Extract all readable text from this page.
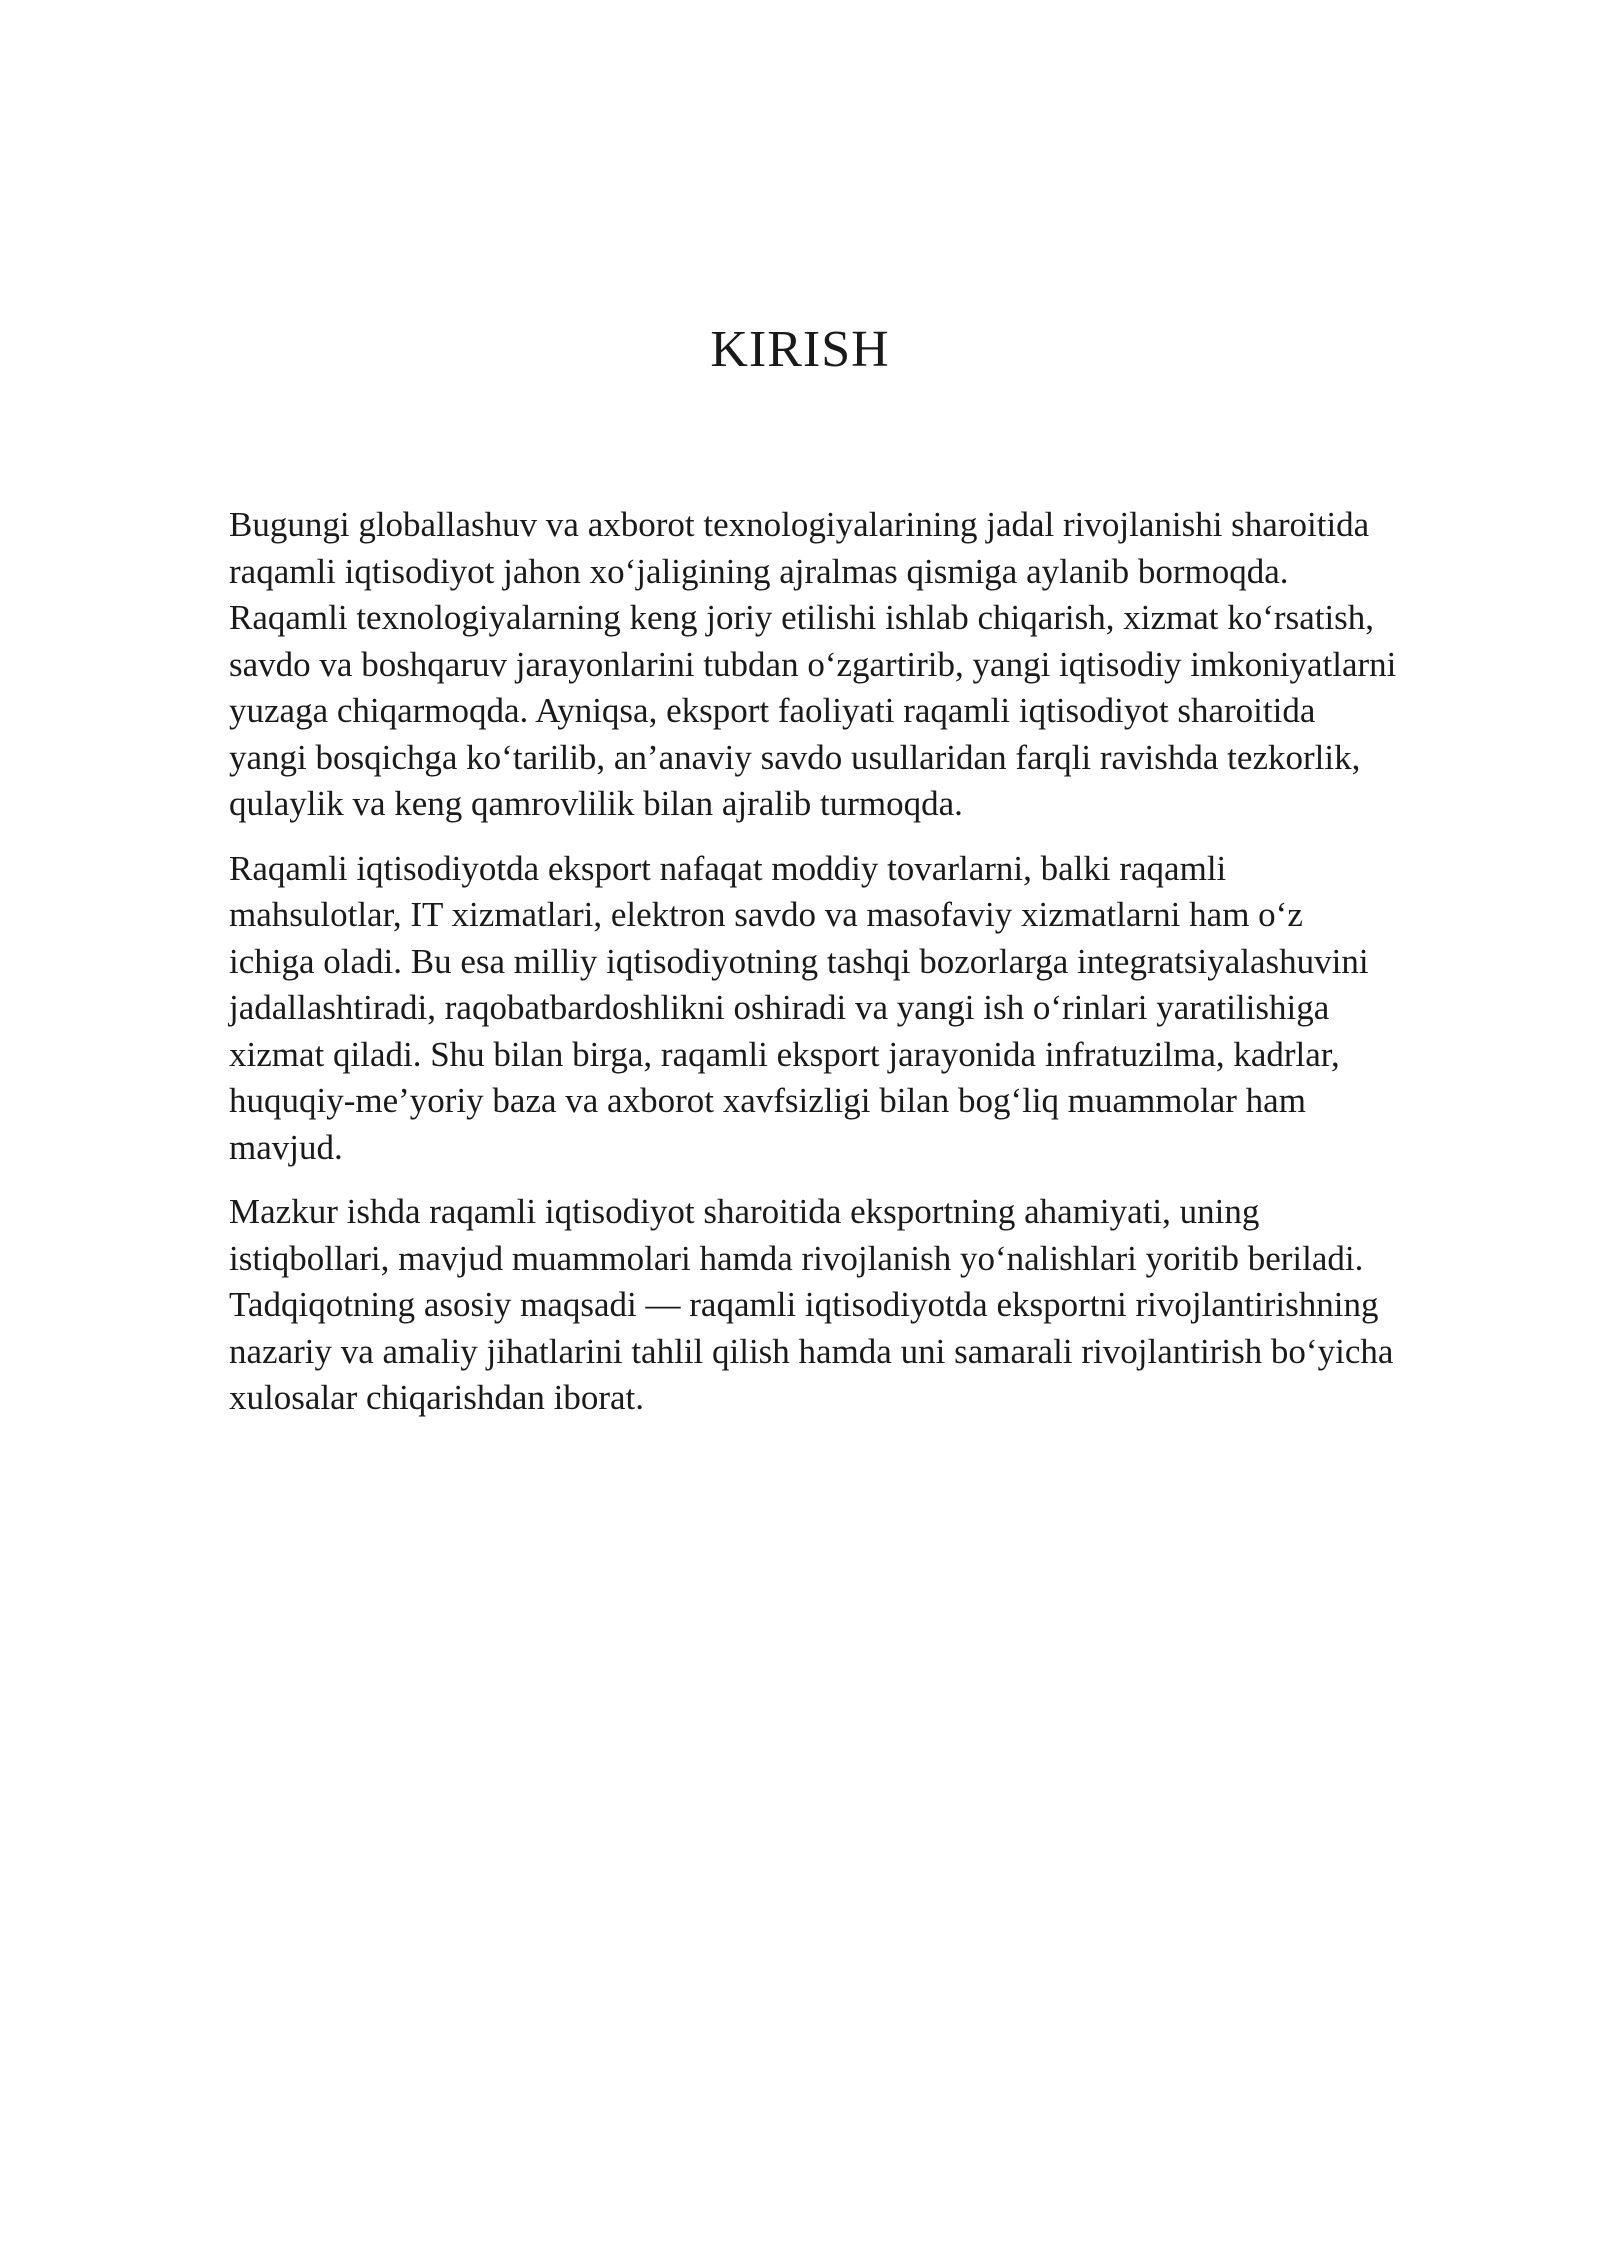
KIRISH

Bugungi globallashuv va axborot texnologiyalarining jadal rivojlanishi sharoitida
raqamli iqtisodiyot jahon xo‘jaligining ajralmas qismiga aylanib bormoqda.
Raqamli texnologiyalarning keng joriy etilishi ishlab chiqarish, xizmat ko‘rsatish,
savdo va boshqaruv jarayonlarini tubdan o‘zgartirib, yangi iqtisodiy imkoniyatlarni
yuzaga chiqarmoqda. Ayniqsa, eksport faoliyati raqamli iqtisodiyot sharoitida
yangi bosqichga ko‘tarilib, an’anaviy savdo usullaridan farqli ravishda tezkorlik,
qulaylik va keng qamrovlilik bilan ajralib turmoqda.

Raqamli iqtisodiyotda eksport nafaqat moddiy tovarlarni, balki raqamli
mahsulotlar, IT xizmatlari, elektron savdo va masofaviy xizmatlarni ham o‘z
ichiga oladi. Bu esa milliy iqtisodiyotning tashqi bozorlarga integratsiyalashuvini
jadallashtiradi, raqobatbardoshlikni oshiradi va yangi ish o‘rinlari yaratilishiga
xizmat qiladi. Shu bilan birga, raqamli eksport jarayonida infratuzilma, kadrlar,
huquqiy-me’yoriy baza va axborot xavfsizligi bilan bog‘liq muammolar ham
mavjud.

Mazkur ishda raqamli iqtisodiyot sharoitida eksportning ahamiyati, uning
istiqbollari, mavjud muammolari hamda rivojlanish yo‘nalishlari yoritib beriladi.
Tadqiqotning asosiy maqsadi — raqamli iqtisodiyotda eksportni rivojlantirishning
nazariy va amaliy jihatlarini tahlil qilish hamda uni samarali rivojlantirish bo‘yicha
xulosalar chiqarishdan iborat.
